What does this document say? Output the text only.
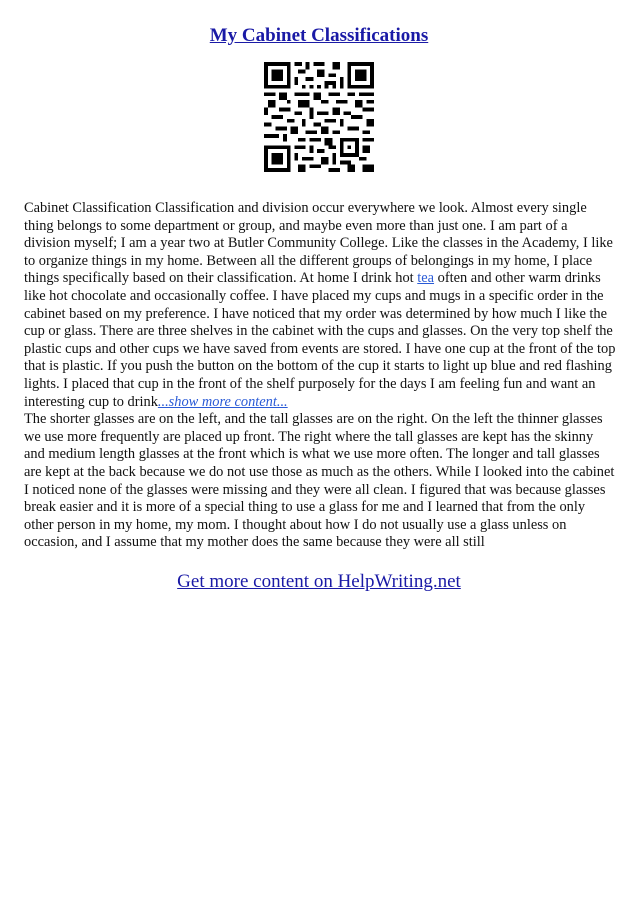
My Cabinet Classifications

Cabinet Classification Classification and division occur everywhere we look. Almost every single thing belongs to some department or group, and maybe even more than just one. I am part of a division myself; I am a year two at Butler Community College. Like the classes in the Academy, I like to organize things in my home. Between all the different groups of belongings in my home, I place things specifically based on their classification. At home I drink hot tea often and other warm drinks like hot chocolate and occasionally coffee. I have placed my cups and mugs in a specific order in the cabinet based on my preference. I have noticed that my order was determined by how much I like the cup or glass. There are three shelves in the cabinet with the cups and glasses. On the very top shelf the plastic cups and other cups we have saved from events are stored. I have one cup at the front of the top that is plastic. If you push the button on the bottom of the cup it starts to light up blue and red flashing lights. I placed that cup in the front of the shelf purposely for the days I am feeling fun and want an interesting cup to drink...show more content...

The shorter glasses are on the left, and the tall glasses are on the right. On the left the thinner glasses we use more frequently are placed up front. The right where the tall glasses are kept has the skinny and medium length glasses at the front which is what we use more often. The longer and tall glasses are kept at the back because we do not use those as much as the others. While I looked into the cabinet I noticed none of the glasses were missing and they were all clean. I figured that was because glasses break easier and it is more of a special thing to use a glass for me and I learned that from the only other person in my home, my mom. I thought about how I do not usually use a glass unless on occasion, and I assume that my mother does the same because they were all still

Get more content on HelpWriting.net
